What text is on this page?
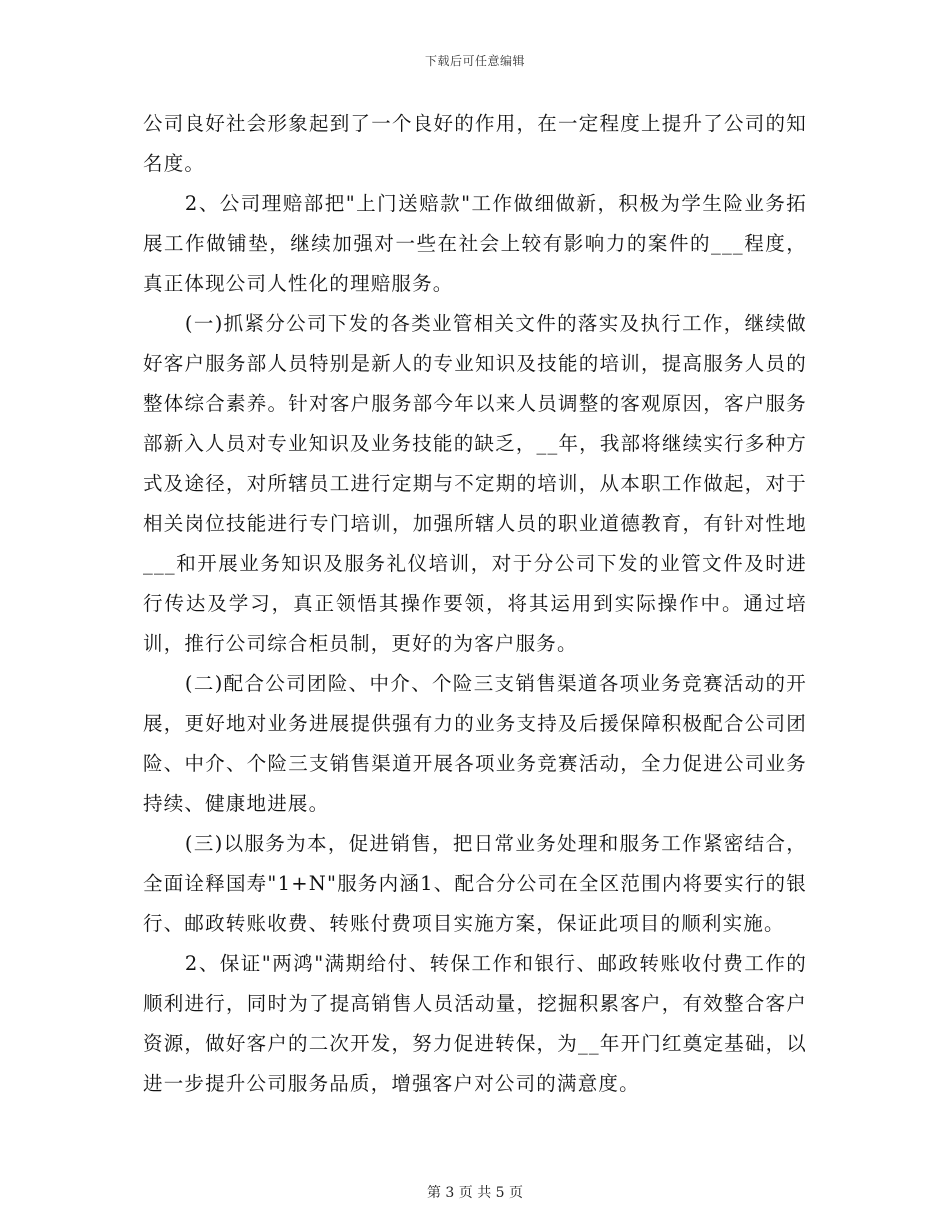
下载后可任意编辑

公司良好社会形象起到了一个良好的作用，在一定程度上提升了公司的知名度。

2、公司理赔部把"上门送赔款"工作做细做新，积极为学生险业务拓展工作做铺垫，继续加强对一些在社会上较有影响力的案件的___程度，真正体现公司人性化的理赔服务。

(一)抓紧分公司下发的各类业管相关文件的落实及执行工作，继续做好客户服务部人员特别是新人的专业知识及技能的培训，提高服务人员的整体综合素养。针对客户服务部今年以来人员调整的客观原因，客户服务部新入人员对专业知识及业务技能的缺乏，__年，我部将继续实行多种方式及途径，对所辖员工进行定期与不定期的培训，从本职工作做起，对于相关岗位技能进行专门培训，加强所辖人员的职业道德教育，有针对性地___和开展业务知识及服务礼仪培训，对于分公司下发的业管文件及时进行传达及学习，真正领悟其操作要领，将其运用到实际操作中。通过培训，推行公司综合柜员制，更好的为客户服务。

(二)配合公司团险、中介、个险三支销售渠道各项业务竞赛活动的开展，更好地对业务进展提供强有力的业务支持及后援保障积极配合公司团险、中介、个险三支销售渠道开展各项业务竞赛活动，全力促进公司业务持续、健康地进展。

(三)以服务为本，促进销售，把日常业务处理和服务工作紧密结合，全面诠释国寿"1+N"服务内涵1、配合分公司在全区范围内将要实行的银行、邮政转账收费、转账付费项目实施方案，保证此项目的顺利实施。

2、保证"两鸿"满期给付、转保工作和银行、邮政转账收付费工作的顺利进行，同时为了提高销售人员活动量，挖掘积累客户，有效整合客户资源，做好客户的二次开发，努力促进转保，为__年开门红奠定基础，以进一步提升公司服务品质，增强客户对公司的满意度。

第 3 页 共 5 页
